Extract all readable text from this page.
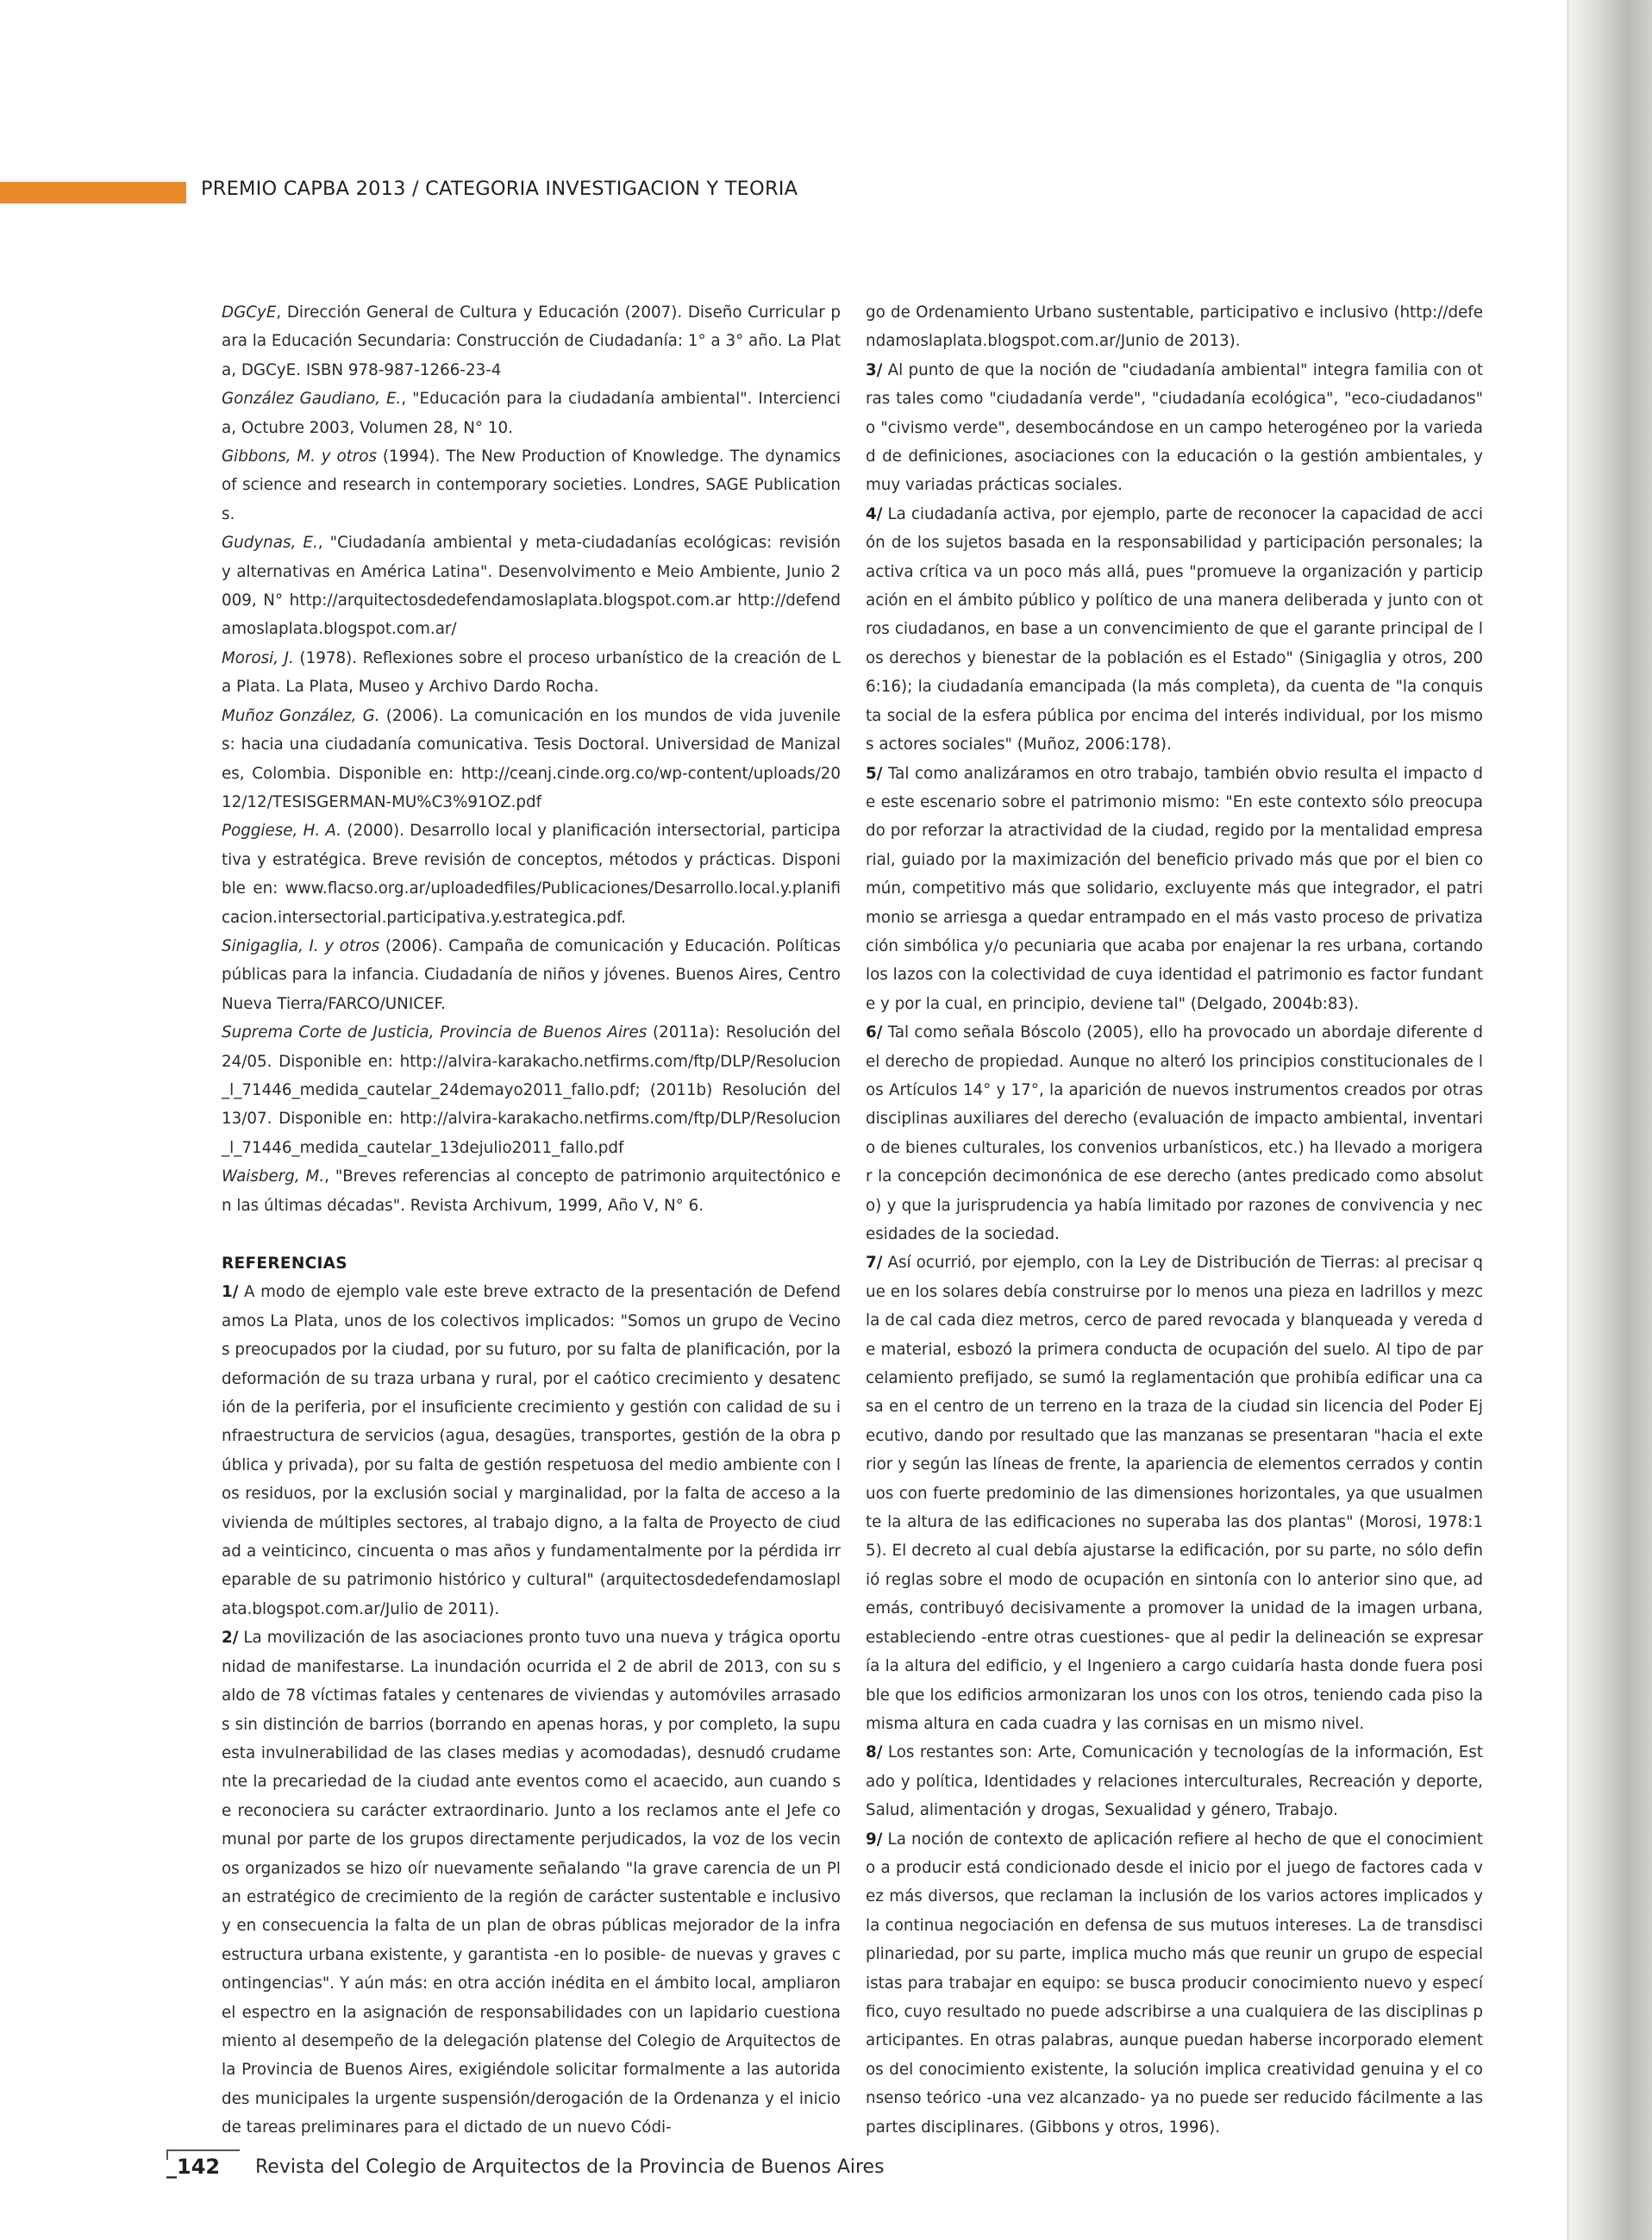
PREMIO CAPBA 2013 / CATEGORIA INVESTIGACION Y TEORIA

DGCyE, Dirección General de Cultura y Educación (2007). Diseño Curricular para la Educación Secundaria: Construcción de Ciudadanía: 1° a 3° año. La Plata, DGCyE. ISBN 978-987-1266-23-4

González Gaudiano, E., "Educación para la ciudadanía ambiental". Interciencia, Octubre 2003, Volumen 28, N° 10.

Gibbons, M. y otros (1994). The New Production of Knowledge. The dynamics of science and research in contemporary societies. Londres, SAGE Publications.

Gudynas, E., "Ciudadanía ambiental y meta-ciudadanías ecológicas: revisión y alternativas en América Latina". Desenvolvimento e Meio Ambiente, Junio 2009, N° http://arquitectosdedefendamoslaplata.blogspot.com.ar http://defendamoslaplata.blogspot.com.ar/

Morosi, J. (1978). Reflexiones sobre el proceso urbanístico de la creación de La Plata. La Plata, Museo y Archivo Dardo Rocha.

Muñoz González, G. (2006). La comunicación en los mundos de vida juveniles: hacia una ciudadanía comunicativa. Tesis Doctoral. Universidad de Manizales, Colombia. Disponible en: http://ceanj.cinde.org.co/wp-content/uploads/2012/12/TESISGERMAN-MU%C3%91OZ.pdf

Poggiese, H. A. (2000). Desarrollo local y planificación intersectorial, participativa y estratégica. Breve revisión de conceptos, métodos y prácticas. Disponible en: www.flacso.org.ar/uploadedfiles/Publicaciones/Desarrollo.local.y.planificacion.intersectorial.participativa.y.estrategica.pdf.

Sinigaglia, I. y otros (2006). Campaña de comunicación y Educación. Políticas públicas para la infancia. Ciudadanía de niños y jóvenes. Buenos Aires, Centro Nueva Tierra/FARCO/UNICEF.

Suprema Corte de Justicia, Provincia de Buenos Aires (2011a): Resolución del 24/05. Disponible en: http://alvira-karakacho.netfirms.com/ftp/DLP/Resolucion_l_71446_medida_cautelar_24demayo2011_fallo.pdf; (2011b) Resolución del 13/07. Disponible en: http://alvira-karakacho.netfirms.com/ftp/DLP/Resolucion_l_71446_medida_cautelar_13dejulio2011_fallo.pdf

Waisberg, M., "Breves referencias al concepto de patrimonio arquitectónico en las últimas décadas". Revista Archivum, 1999, Año V, N° 6.

REFERENCIAS

1/ A modo de ejemplo vale este breve extracto de la presentación de Defendamos La Plata, unos de los colectivos implicados: "Somos un grupo de Vecinos preocupados por la ciudad, por su futuro, por su falta de planificación, por la deformación de su traza urbana y rural, por el caótico crecimiento y desatención de la periferia, por el insuficiente crecimiento y gestión con calidad de su infraestructura de servicios (agua, desagües, transportes, gestión de la obra pública y privada), por su falta de gestión respetuosa del medio ambiente con los residuos, por la exclusión social y marginalidad, por la falta de acceso a la vivienda de múltiples sectores, al trabajo digno, a la falta de Proyecto de ciudad a veinticinco, cincuenta o mas años y fundamentalmente por la pérdida irreparable de su patrimonio histórico y cultural" (arquitectosdedefendamoslaplata.blogspot.com.ar/Julio de 2011).

2/ La movilización de las asociaciones pronto tuvo una nueva y trágica oportunidad de manifestarse. La inundación ocurrida el 2 de abril de 2013, con su saldo de 78 víctimas fatales y centenares de viviendas y automóviles arrasados sin distinción de barrios (borrando en apenas horas, y por completo, la supuesta invulnerabilidad de las clases medias y acomodadas), desnudó crudamente la precariedad de la ciudad ante eventos como el acaecido, aun cuando se reconociera su carácter extraordinario. Junto a los reclamos ante el Jefe comunal por parte de los grupos directamente perjudicados, la voz de los vecinos organizados se hizo oír nuevamente señalando "la grave carencia de un Plan estratégico de crecimiento de la región de carácter sustentable e inclusivo y en consecuencia la falta de un plan de obras públicas mejorador de la infraestructura urbana existente, y garantista -en lo posible- de nuevas y graves contingencias". Y aún más: en otra acción inédita en el ámbito local, ampliaron el espectro en la asignación de responsabilidades con un lapidario cuestionamiento al desempeño de la delegación platense del Colegio de Arquitectos de la Provincia de Buenos Aires, exigiéndole solicitar formalmente a las autoridades municipales la urgente suspensión/derogación de la Ordenanza y el inicio de tareas preliminares para el dictado de un nuevo Códi-

go de Ordenamiento Urbano sustentable, participativo e inclusivo (http://defendamoslaplata.blogspot.com.ar/Junio de 2013).

3/ Al punto de que la noción de "ciudadanía ambiental" integra familia con otras tales como "ciudadanía verde", "ciudadanía ecológica", "eco-ciudadanos" o "civismo verde", desembocándose en un campo heterogéneo por la variedad de definiciones, asociaciones con la educación o la gestión ambientales, y muy variadas prácticas sociales.

4/ La ciudadanía activa, por ejemplo, parte de reconocer la capacidad de acción de los sujetos basada en la responsabilidad y participación personales; la activa crítica va un poco más allá, pues "promueve la organización y participación en el ámbito público y político de una manera deliberada y junto con otros ciudadanos, en base a un convencimiento de que el garante principal de los derechos y bienestar de la población es el Estado" (Sinigaglia y otros, 2006:16); la ciudadanía emancipada (la más completa), da cuenta de "la conquista social de la esfera pública por encima del interés individual, por los mismos actores sociales" (Muñoz, 2006:178).

5/ Tal como analizáramos en otro trabajo, también obvio resulta el impacto de este escenario sobre el patrimonio mismo: "En este contexto sólo preocupado por reforzar la atractividad de la ciudad, regido por la mentalidad empresarial, guiado por la maximización del beneficio privado más que por el bien común, competitivo más que solidario, excluyente más que integrador, el patrimonio se arriesga a quedar entrampado en el más vasto proceso de privatización simbólica y/o pecuniaria que acaba por enajenar la res urbana, cortando los lazos con la colectividad de cuya identidad el patrimonio es factor fundante y por la cual, en principio, deviene tal" (Delgado, 2004b:83).

6/ Tal como señala Bóscolo (2005), ello ha provocado un abordaje diferente del derecho de propiedad. Aunque no alteró los principios constitucionales de los Artículos 14° y 17°, la aparición de nuevos instrumentos creados por otras disciplinas auxiliares del derecho (evaluación de impacto ambiental, inventario de bienes culturales, los convenios urbanísticos, etc.) ha llevado a morigerar la concepción decimonónica de ese derecho (antes predicado como absoluto) y que la jurisprudencia ya había limitado por razones de convivencia y necesidades de la sociedad.

7/ Así ocurrió, por ejemplo, con la Ley de Distribución de Tierras: al precisar que en los solares debía construirse por lo menos una pieza en ladrillos y mezcla de cal cada diez metros, cerco de pared revocada y blanqueada y vereda de material, esbozó la primera conducta de ocupación del suelo. Al tipo de parcelamiento prefijado, se sumó la reglamentación que prohibía edificar una casa en el centro de un terreno en la traza de la ciudad sin licencia del Poder Ejecutivo, dando por resultado que las manzanas se presentaran "hacia el exterior y según las líneas de frente, la apariencia de elementos cerrados y continuos con fuerte predominio de las dimensiones horizontales, ya que usualmente la altura de las edificaciones no superaba las dos plantas" (Morosi, 1978:15). El decreto al cual debía ajustarse la edificación, por su parte, no sólo definió reglas sobre el modo de ocupación en sintonía con lo anterior sino que, además, contribuyó decisivamente a promover la unidad de la imagen urbana, estableciendo -entre otras cuestiones- que al pedir la delineación se expresaría la altura del edificio, y el Ingeniero a cargo cuidaría hasta donde fuera posible que los edificios armonizaran los unos con los otros, teniendo cada piso la misma altura en cada cuadra y las cornisas en un mismo nivel.

8/ Los restantes son: Arte, Comunicación y tecnologías de la información, Estado y política, Identidades y relaciones interculturales, Recreación y deporte, Salud, alimentación y drogas, Sexualidad y género, Trabajo.

9/ La noción de contexto de aplicación refiere al hecho de que el conocimiento a producir está condicionado desde el inicio por el juego de factores cada vez más diversos, que reclaman la inclusión de los varios actores implicados y la continua negociación en defensa de sus mutuos intereses. La de transdisciplinariedad, por su parte, implica mucho más que reunir un grupo de especialistas para trabajar en equipo: se busca producir conocimiento nuevo y específico, cuyo resultado no puede adscribirse a una cualquiera de las disciplinas participantes. En otras palabras, aunque puedan haberse incorporado elementos del conocimiento existente, la solución implica creatividad genuina y el consenso teórico -una vez alcanzado- ya no puede ser reducido fácilmente a las partes disciplinares. (Gibbons y otros, 1996).

_142 Revista del Colegio de Arquitectos de la Provincia de Buenos Aires
